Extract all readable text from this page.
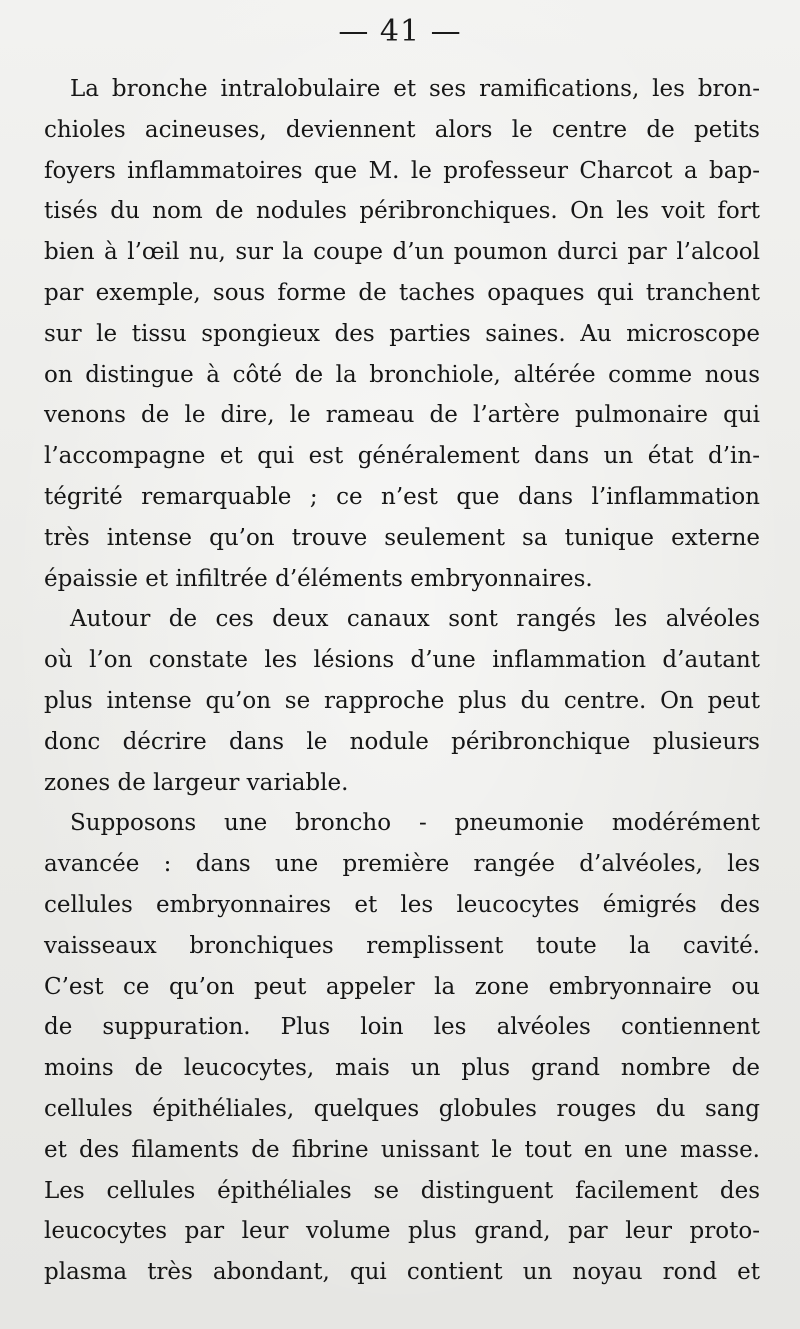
— 41 —
La bronche intralobulaire et ses ramifications, les bron-
chioles acineuses, deviennent alors le centre de petits
foyers inflammatoires que M. le professeur Charcot a bap-
tisés du nom de nodules péribronchiques. On les voit fort
bien à l’œil nu, sur la coupe d’un poumon durci par l’alcool
par exemple, sous forme de taches opaques qui tranchent
sur le tissu spongieux des parties saines. Au microscope
on distingue à côté de la bronchiole, altérée comme nous
venons de le dire, le rameau de l’artère pulmonaire qui
l’accompagne et qui est généralement dans un état d’in-
tégrité remarquable ; ce n’est que dans l’inflammation
très intense qu’on trouve seulement sa tunique externe
épaissie et infiltrée d’éléments embryonnaires.
Autour de ces deux canaux sont rangés les alvéoles
où l’on constate les lésions d’une inflammation d’autant
plus intense qu’on se rapproche plus du centre. On peut
donc décrire dans le nodule péribronchique plusieurs
zones de largeur variable.
Supposons une broncho - pneumonie modérément
avancée : dans une première rangée d’alvéoles, les
cellules embryonnaires et les leucocytes émigrés des
vaisseaux bronchiques remplissent toute la cavité.
C’est ce qu’on peut appeler la zone embryonnaire ou
de suppuration. Plus loin les alvéoles contiennent
moins de leucocytes, mais un plus grand nombre de
cellules épithéliales, quelques globules rouges du sang
et des filaments de fibrine unissant le tout en une masse.
Les cellules épithéliales se distinguent facilement des
leucocytes par leur volume plus grand, par leur proto-
plasma très abondant, qui contient un noyau rond et
